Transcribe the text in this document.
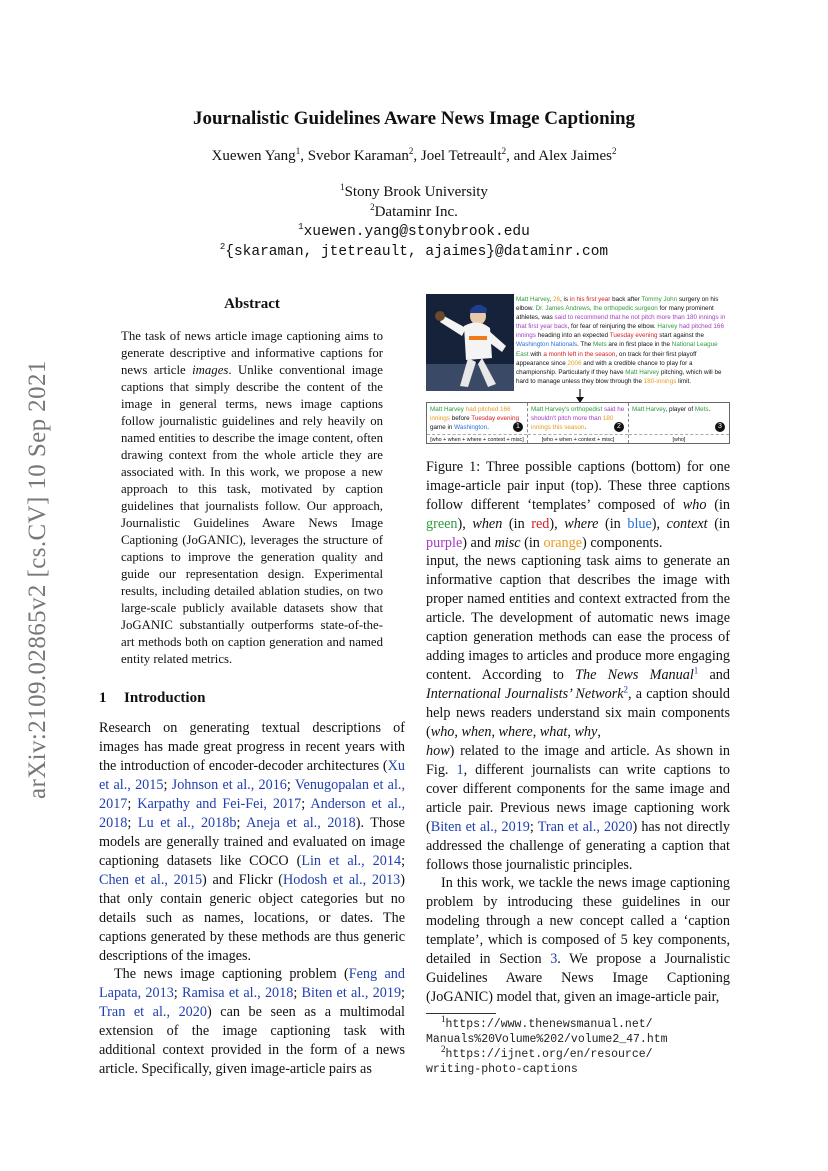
arXiv:2109.02865v2 [cs.CV] 10 Sep 2021
Journalistic Guidelines Aware News Image Captioning
Xuewen Yang$^1$, Svebor Karaman$^2$, Joel Tetreault$^2$, and Alex Jaimes$^2$
$^1$Stony Brook University
$^2$Dataminr Inc.
$^1$xuewen.yang@stonybrook.edu
$^2${skaraman, jtetreault, ajaimes}@dataminr.com
Abstract
The task of news article image captioning aims to generate descriptive and informative captions for news article images. Unlike conventional image captions that simply describe the content of the image in general terms, news image captions follow journalistic guidelines and rely heavily on named entities to describe the image content, often drawing context from the whole article they are associated with. In this work, we propose a new approach to this task, motivated by caption guidelines that journalists follow. Our approach, Journalistic Guidelines Aware News Image Captioning (JoGANIC), leverages the structure of captions to improve the generation quality and guide our representation design. Experimental results, including detailed ablation studies, on two large-scale publicly available datasets show that JoGANIC substantially outperforms state-of-the-art methods both on caption generation and named entity related metrics.
1 Introduction
Research on generating textual descriptions of images has made great progress in recent years with the introduction of encoder-decoder architectures (Xu et al., 2015; Johnson et al., 2016; Venugopalan et al., 2017; Karpathy and Fei-Fei, 2017; Anderson et al., 2018; Lu et al., 2018b; Aneja et al., 2018). Those models are generally trained and evaluated on image captioning datasets like COCO (Lin et al., 2014; Chen et al., 2015) and Flickr (Hodosh et al., 2013) that only contain generic object categories but no details such as names, locations, or dates. The captions generated by these methods are thus generic descriptions of the images.
The news image captioning problem (Feng and Lapata, 2013; Ramisa et al., 2018; Biten et al., 2019; Tran et al., 2020) can be seen as a multimodal extension of the image captioning task with additional context provided in the form of a news article. Specifically, given image-article pairs as
Matt Harvey, 26, is in his first year back after Tommy John surgery on his elbow. Dr. James Andrews, the orthopedic surgeon for many prominent athletes, was said to recommend that he not pitch more than 180 innings in that first year back, for fear of reinjuring the elbow. Harvey had pitched 166 innings heading into an expected Tuesday evening start against the Washington Nationals. The Mets are in first place in the National League East with a month left in the season, on track for their first playoff appearance since 2006 and with a credible chance to play for a championship. Particularly if they have Matt Harvey pitching, which will be hard to manage unless they blow through the 180-innings limit.
Matt Harvey had pitched 166 innings before Tuesday evening game in Washington.	1
[who + when + where + context + misc]
Matt Harvey's orthopedist said he shouldn't pitch more than 180 innings this season.	2
[who + when + context + misc]
Matt Harvey, player of Mets.
3
[who]
Figure 1: Three possible captions (bottom) for one image-article pair input (top). These three captions follow different ‘templates’ composed of who (in green), when (in red), where (in blue), context (in purple) and misc (in orange) components.
input, the news captioning task aims to generate an informative caption that describes the image with proper named entities and context extracted from the article. The development of automatic news image caption generation methods can ease the process of adding images to articles and produce more engaging content. According to The News Manual$^1$ and International Journalists’ Network$^2$, a caption should help news readers understand six main components (who, when, where, what, why,
how) related to the image and article. As shown in Fig. 1, different journalists can write captions to cover different components for the same image and article pair. Previous news image captioning work (Biten et al., 2019; Tran et al., 2020) has not directly addressed the challenge of generating a caption that follows those journalistic principles.
In this work, we tackle the news image captioning problem by introducing these guidelines in our modeling through a new concept called a ‘caption template’, which is composed of 5 key components, detailed in Section 3. We propose a Journalistic Guidelines Aware News Image Captioning (JoGANIC) model that, given an image-article pair,
$^1$https://www.thenewsmanual.net/
Manuals%20Volume%202/volume2_47.htm
$^2$https://ijnet.org/en/resource/
writing-photo-captions
